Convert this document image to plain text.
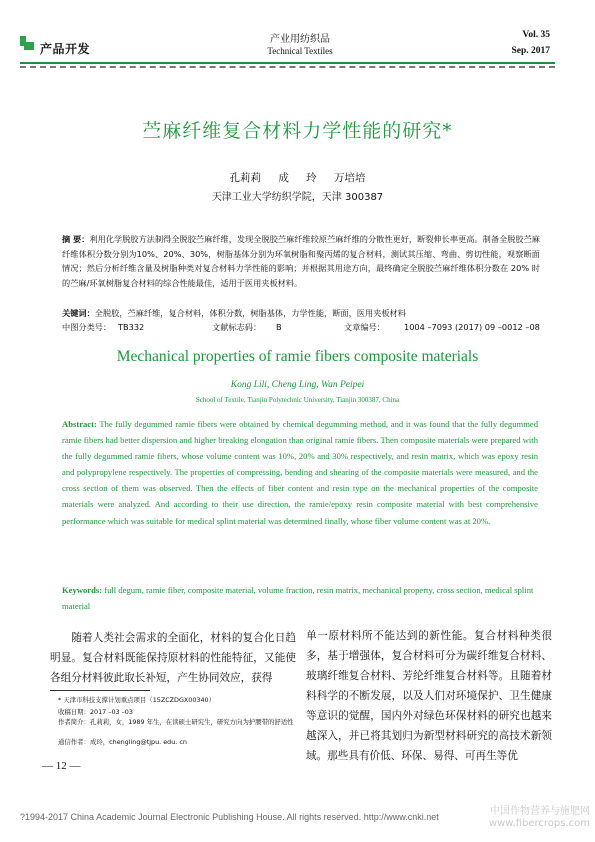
产品开发
产业用纺织品
Technical Textiles
Vol. 35
Sep. 2017
苎麻纤维复合材料力学性能的研究*
孔莉莉 成 玲 万培培
天津工业大学纺织学院，天津 300387
摘 要：利用化学脱胶方法制得全脱胶苎麻纤维，发现全脱胶苎麻纤维较原苎麻纤维的分散性更好，断裂伸长率更高。制备全脱胶苎麻纤维体积分数分别为10%、20%、30%，树脂基体分别为环氧树脂和聚丙烯的复合材料，测试其压缩、弯曲、剪切性能，观察断面情况；然后分析纤维含量及树脂种类对复合材料力学性能的影响；并根据其用途方向，最终确定全脱胶苎麻纤维体积分数在 20% 时的苎麻/环氧树脂复合材料的综合性能最佳，适用于医用夹板材料。
关键词：全脱胶，苎麻纤维，复合材料，体积分数，树脂基体，力学性能，断面，医用夹板材料
中图分类号： TB332	文献标志码： B	文章编号： 1004 –7093 (2017) 09 –0012 –08
Mechanical properties of ramie fibers composite materials
Kong Lili, Cheng Ling, Wan Peipei
School of Textile, Tianjin Polytechnic University, Tianjin 300387, China
Abstract: The fully degummed ramie fibers were obtained by chemical degumming method, and it was found that the fully degummed ramie fibers had better dispersion and higher breaking elongation than original ramie fibers. Then composite materials were prepared with the fully degummed ramie fibers, whose volume content was 10%, 20% and 30% respectively, and resin matrix, which was epoxy resin and polypropylene respectively. The properties of compressing, bending and shearing of the composite materials were measured, and the cross section of them was observed. Then the effects of fiber content and resin type on the mechanical properties of the composite materials were analyzed. And according to their use direction, the ramie/epoxy resin composite material with best comprehensive performance which was suitable for medical splint material was determined finally, whose fiber volume content was at 20%.
Keywords: full degum, ramie fiber, composite material, volume fraction, resin matrix, mechanical property, cross section, medical splint material
随着人类社会需求的全面化，材料的复合化日趋明显。复合材料既能保持原材料的性能特征，又能使各组分材料彼此取长补短，产生协同效应，获得
单一原材料所不能达到的新性能。复合材料种类很多，基于增强体，复合材料可分为碳纤维复合材料、玻璃纤维复合材料、芳纶纤维复合材料等。且随着材料科学的不断发展，以及人们对环境保护、卫生健康等意识的觉醒，国内外对绿色环保材料的研究也越来越深入，并已将其划归为新型材料研究的高技术新领域。那些具有价低、环保、易得、可再生等优
* 天津市科技支撑计划重点项目（15ZCZDGX00340）
收稿日期：2017 –03 –03
作者简介：孔莉莉，女，1989 年生，在读硕士研究生，研究方向为护腰带的舒适性
通信作者：成玲，chengling@tjpu. edu. cn
— 12 —
?1994-2017 China Academic Journal Electronic Publishing House. All rights reserved. http://www.cnki.net	中国作物营养与施肥网
www.fibercrops.com
